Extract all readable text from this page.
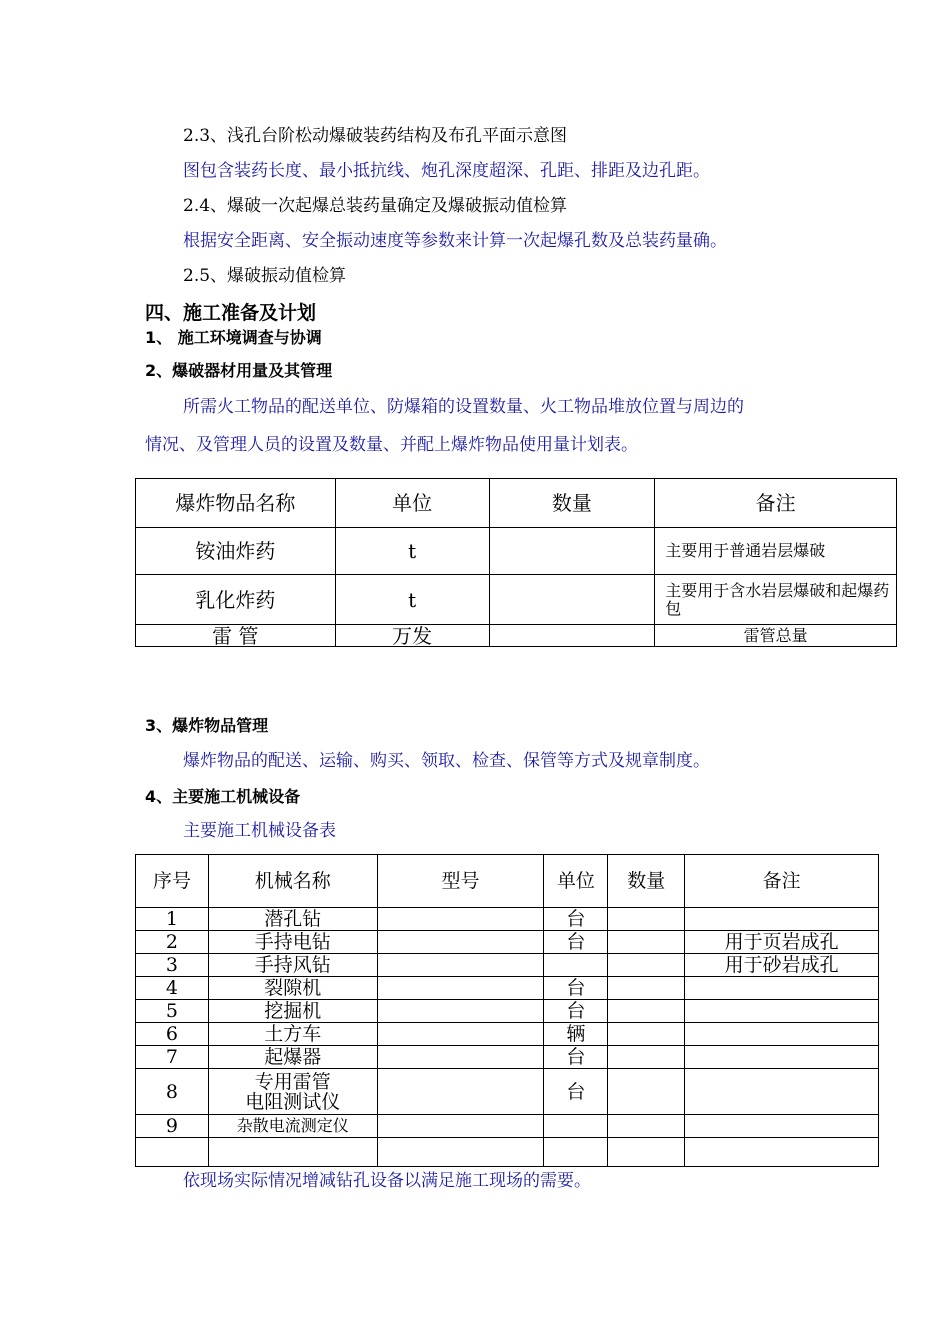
2.3、浅孔台阶松动爆破装药结构及布孔平面示意图
图包含装药长度、最小抵抗线、炮孔深度超深、孔距、排距及边孔距。
2.4、爆破一次起爆总装药量确定及爆破振动值检算
根据安全距离、安全振动速度等参数来计算一次起爆孔数及总装药量确。
2.5、爆破振动值检算
四、施工准备及计划
1、 施工环境调查与协调
2、爆破器材用量及其管理
所需火工物品的配送单位、防爆箱的设置数量、火工物品堆放位置与周边的
情况、及管理人员的设置及数量、并配上爆炸物品使用量计划表。
爆炸物品名称	单位	数量	备注
铵油炸药	t		主要用于普通岩层爆破
乳化炸药	t		主要用于含水岩层爆破和起爆药包
雷 管	万发		雷管总量
3、爆炸物品管理
爆炸物品的配送、运输、购买、领取、检查、保管等方式及规章制度。
4、主要施工机械设备
主要施工机械设备表
序号	机械名称	型号	单位	数量	备注
1	潜孔钻		台		
2	手持电钻		台		用于页岩成孔
3	手持风钻				用于砂岩成孔
4	裂隙机		台		
5	挖掘机		台		
6	土方车		辆		
7	起爆器		台		
8	专用雷管
电阻测试仪		台		
9	杂散电流测定仪				

依现场实际情况增减钻孔设备以满足施工现场的需要。
